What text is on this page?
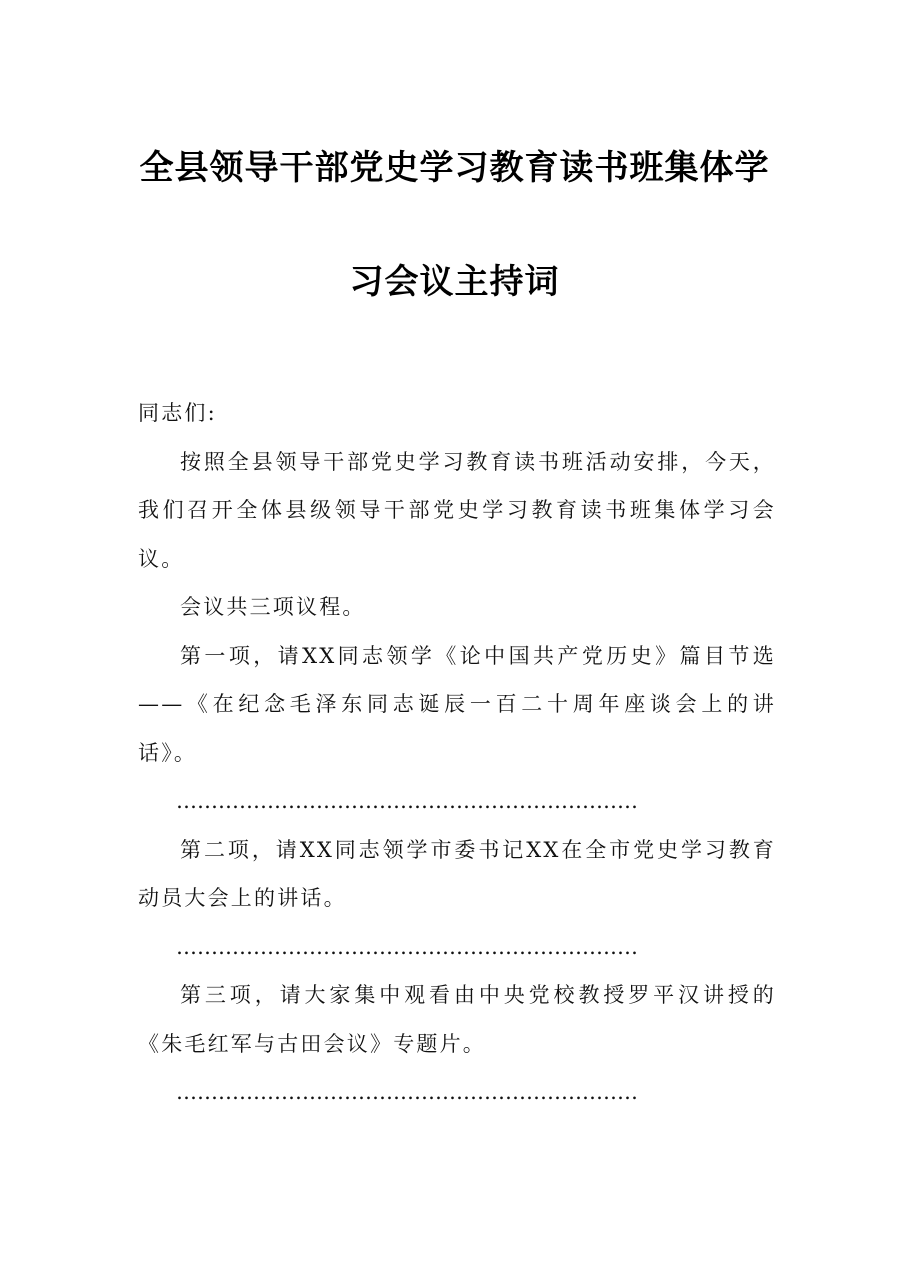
全县领导干部党史学习教育读书班集体学
习会议主持词

同志们:

按照全县领导干部党史学习教育读书班活动安排，今天，我们召开全体县级领导干部党史学习教育读书班集体学习会议。

会议共三项议程。

第一项，请XX同志领学《论中国共产党历史》篇目节选——《在纪念毛泽东同志诞辰一百二十周年座谈会上的讲话》。

…………………………………………………………

第二项，请XX同志领学市委书记XX在全市党史学习教育动员大会上的讲话。

…………………………………………………………

第三项，请大家集中观看由中央党校教授罗平汉讲授的《朱毛红军与古田会议》专题片。

…………………………………………………………
